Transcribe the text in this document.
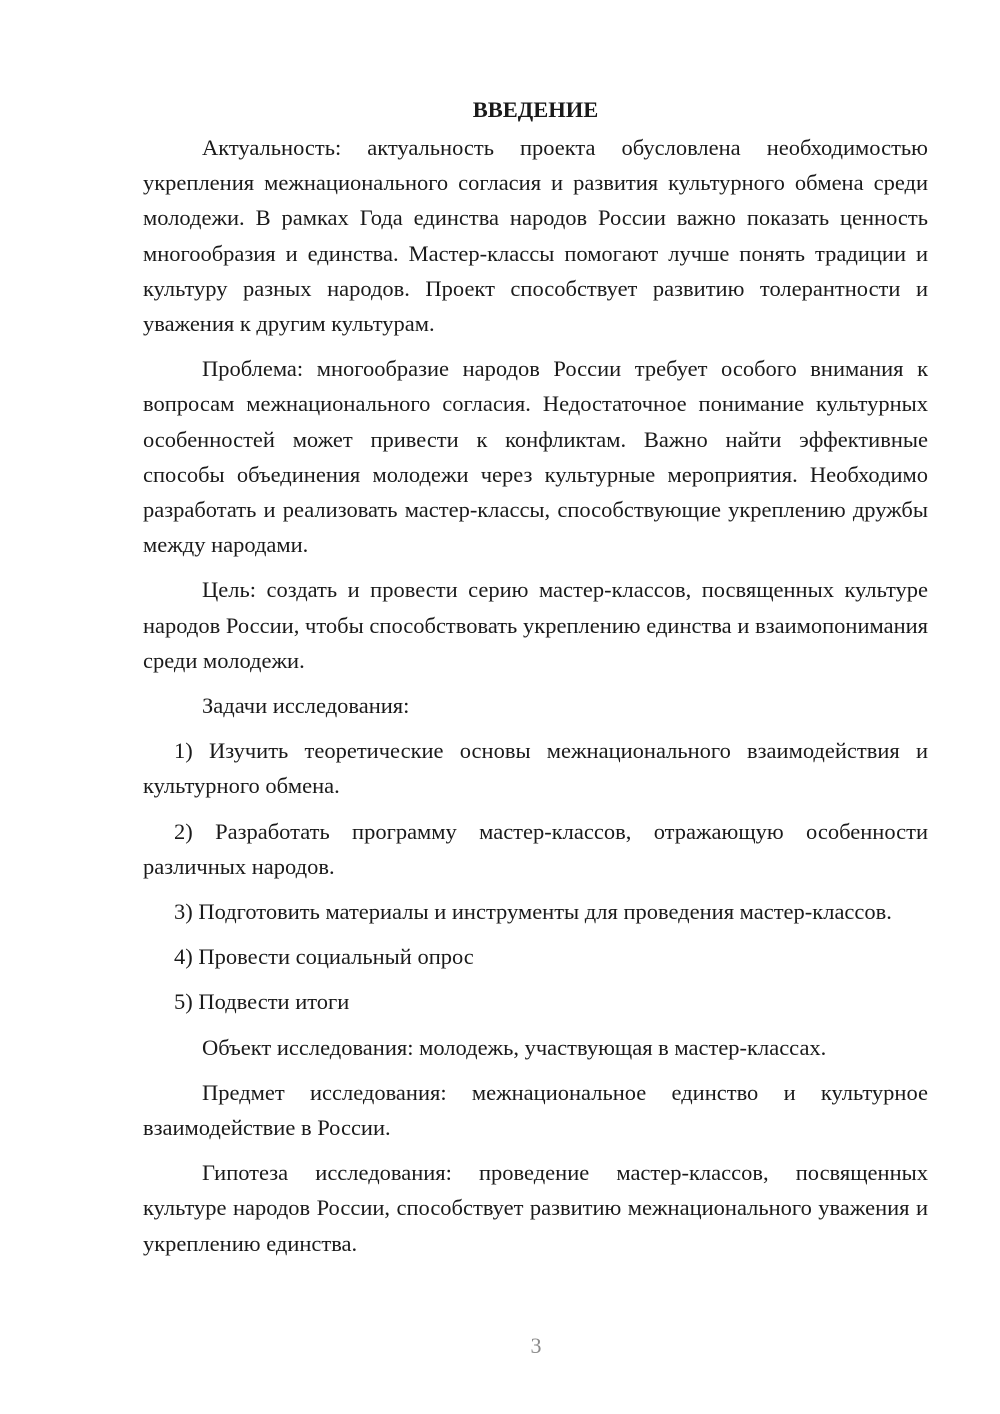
ВВЕДЕНИЕ

Актуальность: актуальность проекта обусловлена необходимостью укрепления межнационального согласия и развития культурного обмена среди молодежи. В рамках Года единства народов России важно показать ценность многообразия и единства. Мастер-классы помогают лучше понять традиции и культуру разных народов. Проект способствует развитию толерантности и уважения к другим культурам.

Проблема: многообразие народов России требует особого внимания к вопросам межнационального согласия. Недостаточное понимание культурных особенностей может привести к конфликтам. Важно найти эффективные способы объединения молодежи через культурные мероприятия. Необходимо разработать и реализовать мастер-классы, способствующие укреплению дружбы между народами.

Цель: создать и провести серию мастер-классов, посвященных культуре народов России, чтобы способствовать укреплению единства и взаимопонимания среди молодежи.

Задачи исследования:

1) Изучить теоретические основы межнационального взаимодействия и культурного обмена.

2) Разработать программу мастер-классов, отражающую особенности различных народов.

3) Подготовить материалы и инструменты для проведения мастер-классов.

4) Провести социальный опрос

5) Подвести итоги

Объект исследования: молодежь, участвующая в мастер-классах.

Предмет исследования: межнациональное единство и культурное взаимодействие в России.

Гипотеза исследования: проведение мастер-классов, посвященных культуре народов России, способствует развитию межнационального уважения и укреплению единства.

3
